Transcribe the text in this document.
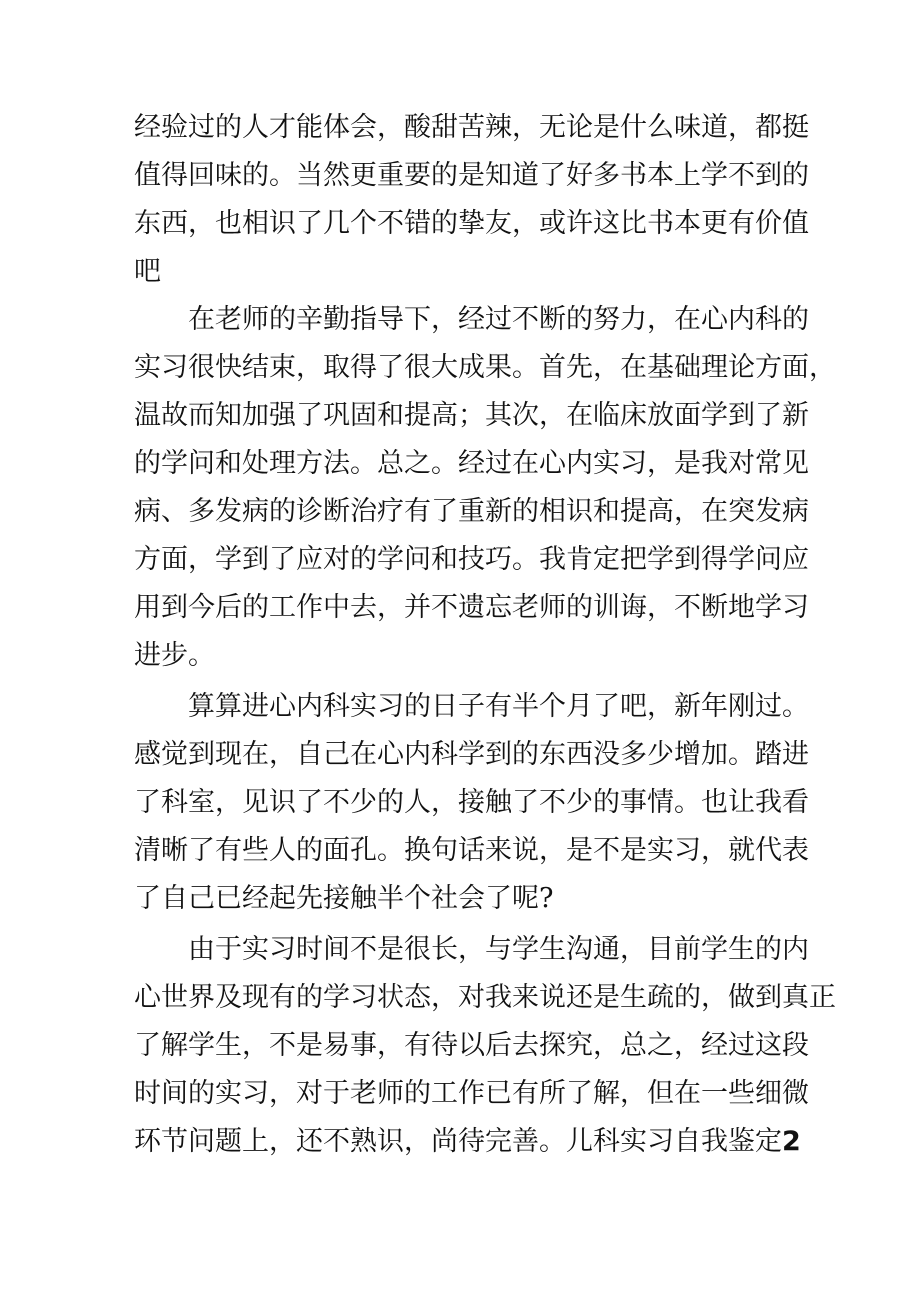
经验过的人才能体会，酸甜苦辣，无论是什么味道，都挺

值得回味的。当然更重要的是知道了好多书本上学不到的

东西，也相识了几个不错的挚友，或许这比书本更有价值

吧

在老师的辛勤指导下，经过不断的努力，在心内科的

实习很快结束，取得了很大成果。首先，在基础理论方面，

温故而知加强了巩固和提高；其次，在临床放面学到了新

的学问和处理方法。总之。经过在心内实习，是我对常见

病、多发病的诊断治疗有了重新的相识和提高，在突发病

方面，学到了应对的学问和技巧。我肯定把学到得学问应

用到今后的工作中去，并不遗忘老师的训诲，不断地学习

进步。

算算进心内科实习的日子有半个月了吧，新年刚过。

感觉到现在，自己在心内科学到的东西没多少增加。踏进

了科室，见识了不少的人，接触了不少的事情。也让我看

清晰了有些人的面孔。换句话来说，是不是实习，就代表

了自己已经起先接触半个社会了呢?

由于实习时间不是很长，与学生沟通，目前学生的内

心世界及现有的学习状态，对我来说还是生疏的，做到真正

了解学生，不是易事，有待以后去探究，总之，经过这段

时间的实习，对于老师的工作已有所了解，但在一些细微

环节问题上，还不熟识，尚待完善。儿科实习自我鉴定2
